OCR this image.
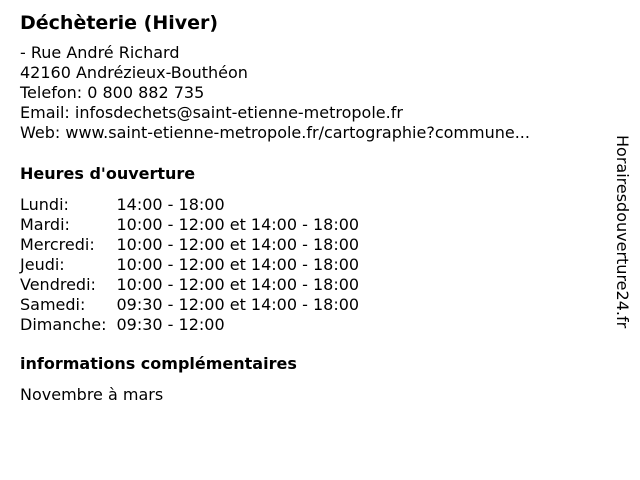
Déchèterie (Hiver)
- Rue André Richard
42160 Andrézieux-Bouthéon
Telefon: 0 800 882 735
Email: infosdechets@saint-etienne-metropole.fr
Web: www.saint-etienne-metropole.fr/cartographie?commune...
Heures d'ouverture
Lundi:	14:00 - 18:00
Mardi:	10:00 - 12:00 et 14:00 - 18:00
Mercredi:	10:00 - 12:00 et 14:00 - 18:00
Jeudi:	10:00 - 12:00 et 14:00 - 18:00
Vendredi:	10:00 - 12:00 et 14:00 - 18:00
Samedi:	09:30 - 12:00 et 14:00 - 18:00
Dimanche:	09:30 - 12:00
informations complémentaires
Novembre à mars
Horairesdouverture24.fr
